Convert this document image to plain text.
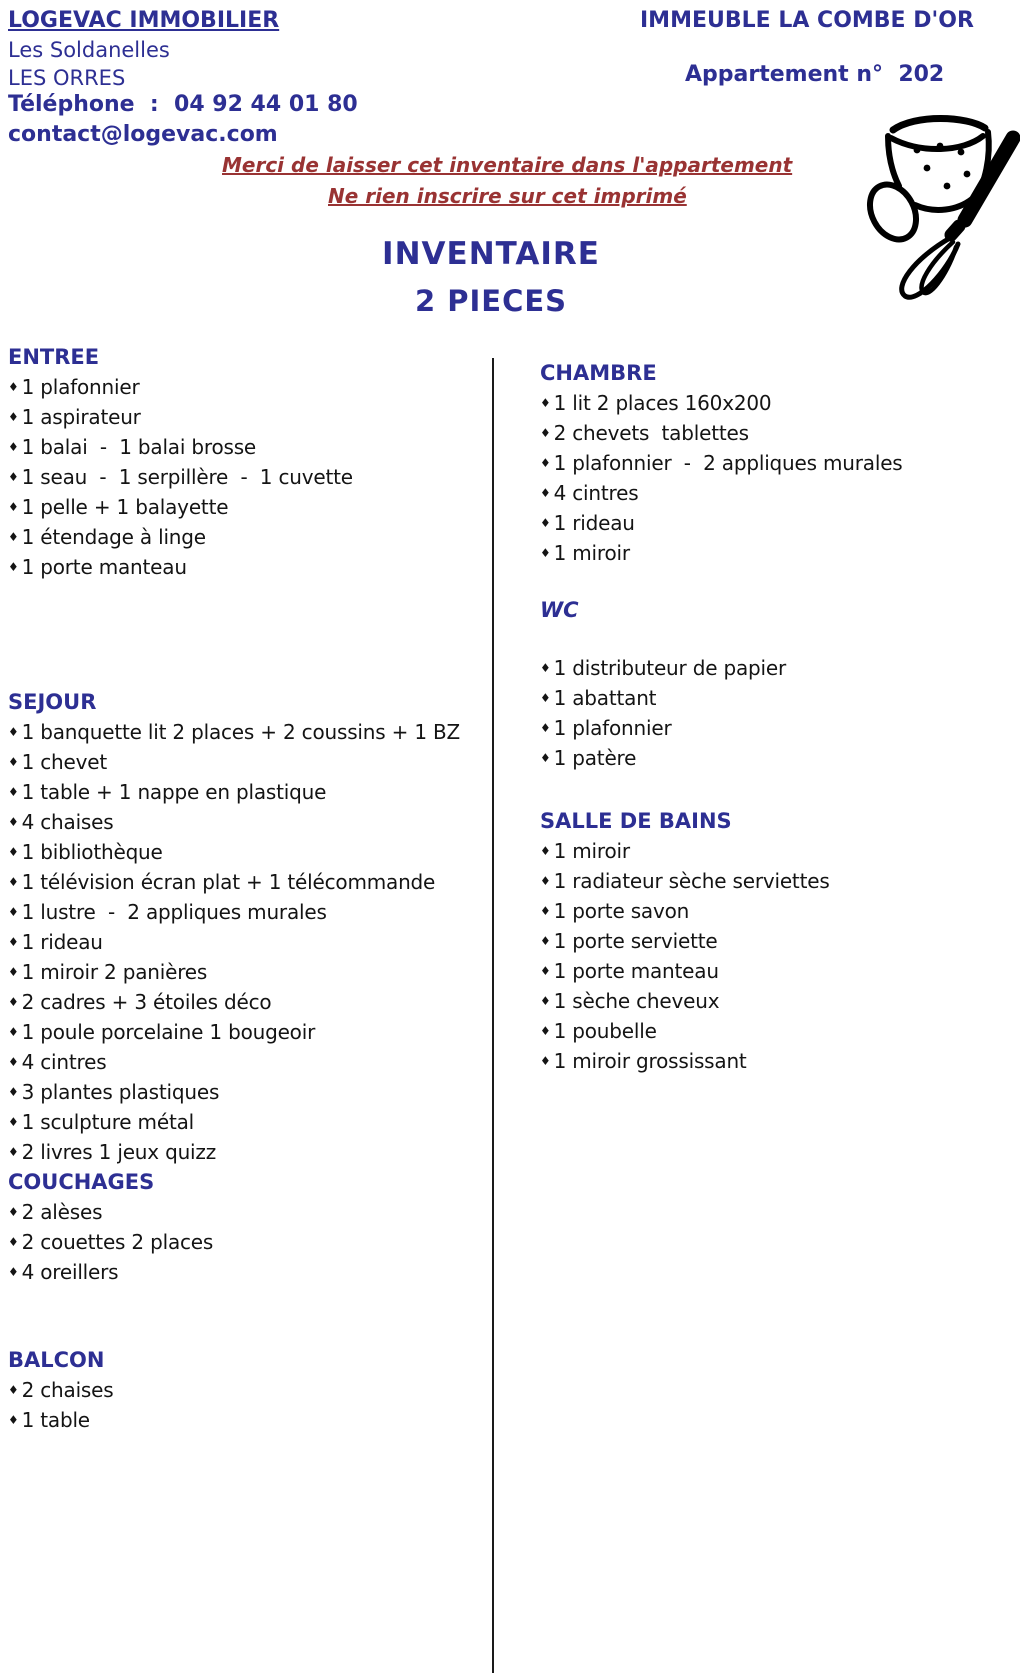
LOGEVAC IMMOBILIER	IMMEUBLE LA COMBE D'OR
Les Soldanelles
LES ORRES	Appartement n°  202
Téléphone  :  04 92 44 01 80
contact@logevac.com
Merci de laisser cet inventaire dans l'appartement
Ne rien inscrire sur cet imprimé
INVENTAIRE
2 PIECES
ENTREE
♦ 1 plafonnier
♦ 1 aspirateur
♦ 1 balai  -  1 balai brosse
♦ 1 seau  -  1 serpillère  -  1 cuvette
♦ 1 pelle + 1 balayette
♦ 1 étendage à linge
♦ 1 porte manteau
SEJOUR
♦ 1 banquette lit 2 places + 2 coussins + 1 BZ
♦ 1 chevet
♦ 1 table + 1 nappe en plastique
♦ 4 chaises
♦ 1 bibliothèque
♦ 1 télévision écran plat + 1 télécommande
♦ 1 lustre  -  2 appliques murales
♦ 1 rideau
♦ 1 miroir 2 panières
♦ 2 cadres + 3 étoiles déco
♦ 1 poule porcelaine 1 bougeoir
♦ 4 cintres
♦ 3 plantes plastiques
♦ 1 sculpture métal
♦ 2 livres 1 jeux quizz
COUCHAGES
♦ 2 alèses
♦ 2 couettes 2 places
♦ 4 oreillers
BALCON
♦ 2 chaises
♦ 1 table
CHAMBRE
♦ 1 lit 2 places 160x200
♦ 2 chevets  tablettes
♦ 1 plafonnier  -  2 appliques murales
♦ 4 cintres
♦ 1 rideau
♦ 1 miroir
WC
♦ 1 distributeur de papier
♦ 1 abattant
♦ 1 plafonnier
♦ 1 patère
SALLE DE BAINS
♦ 1 miroir
♦ 1 radiateur sèche serviettes
♦ 1 porte savon
♦ 1 porte serviette
♦ 1 porte manteau
♦ 1 sèche cheveux
♦ 1 poubelle
♦ 1 miroir grossissant
